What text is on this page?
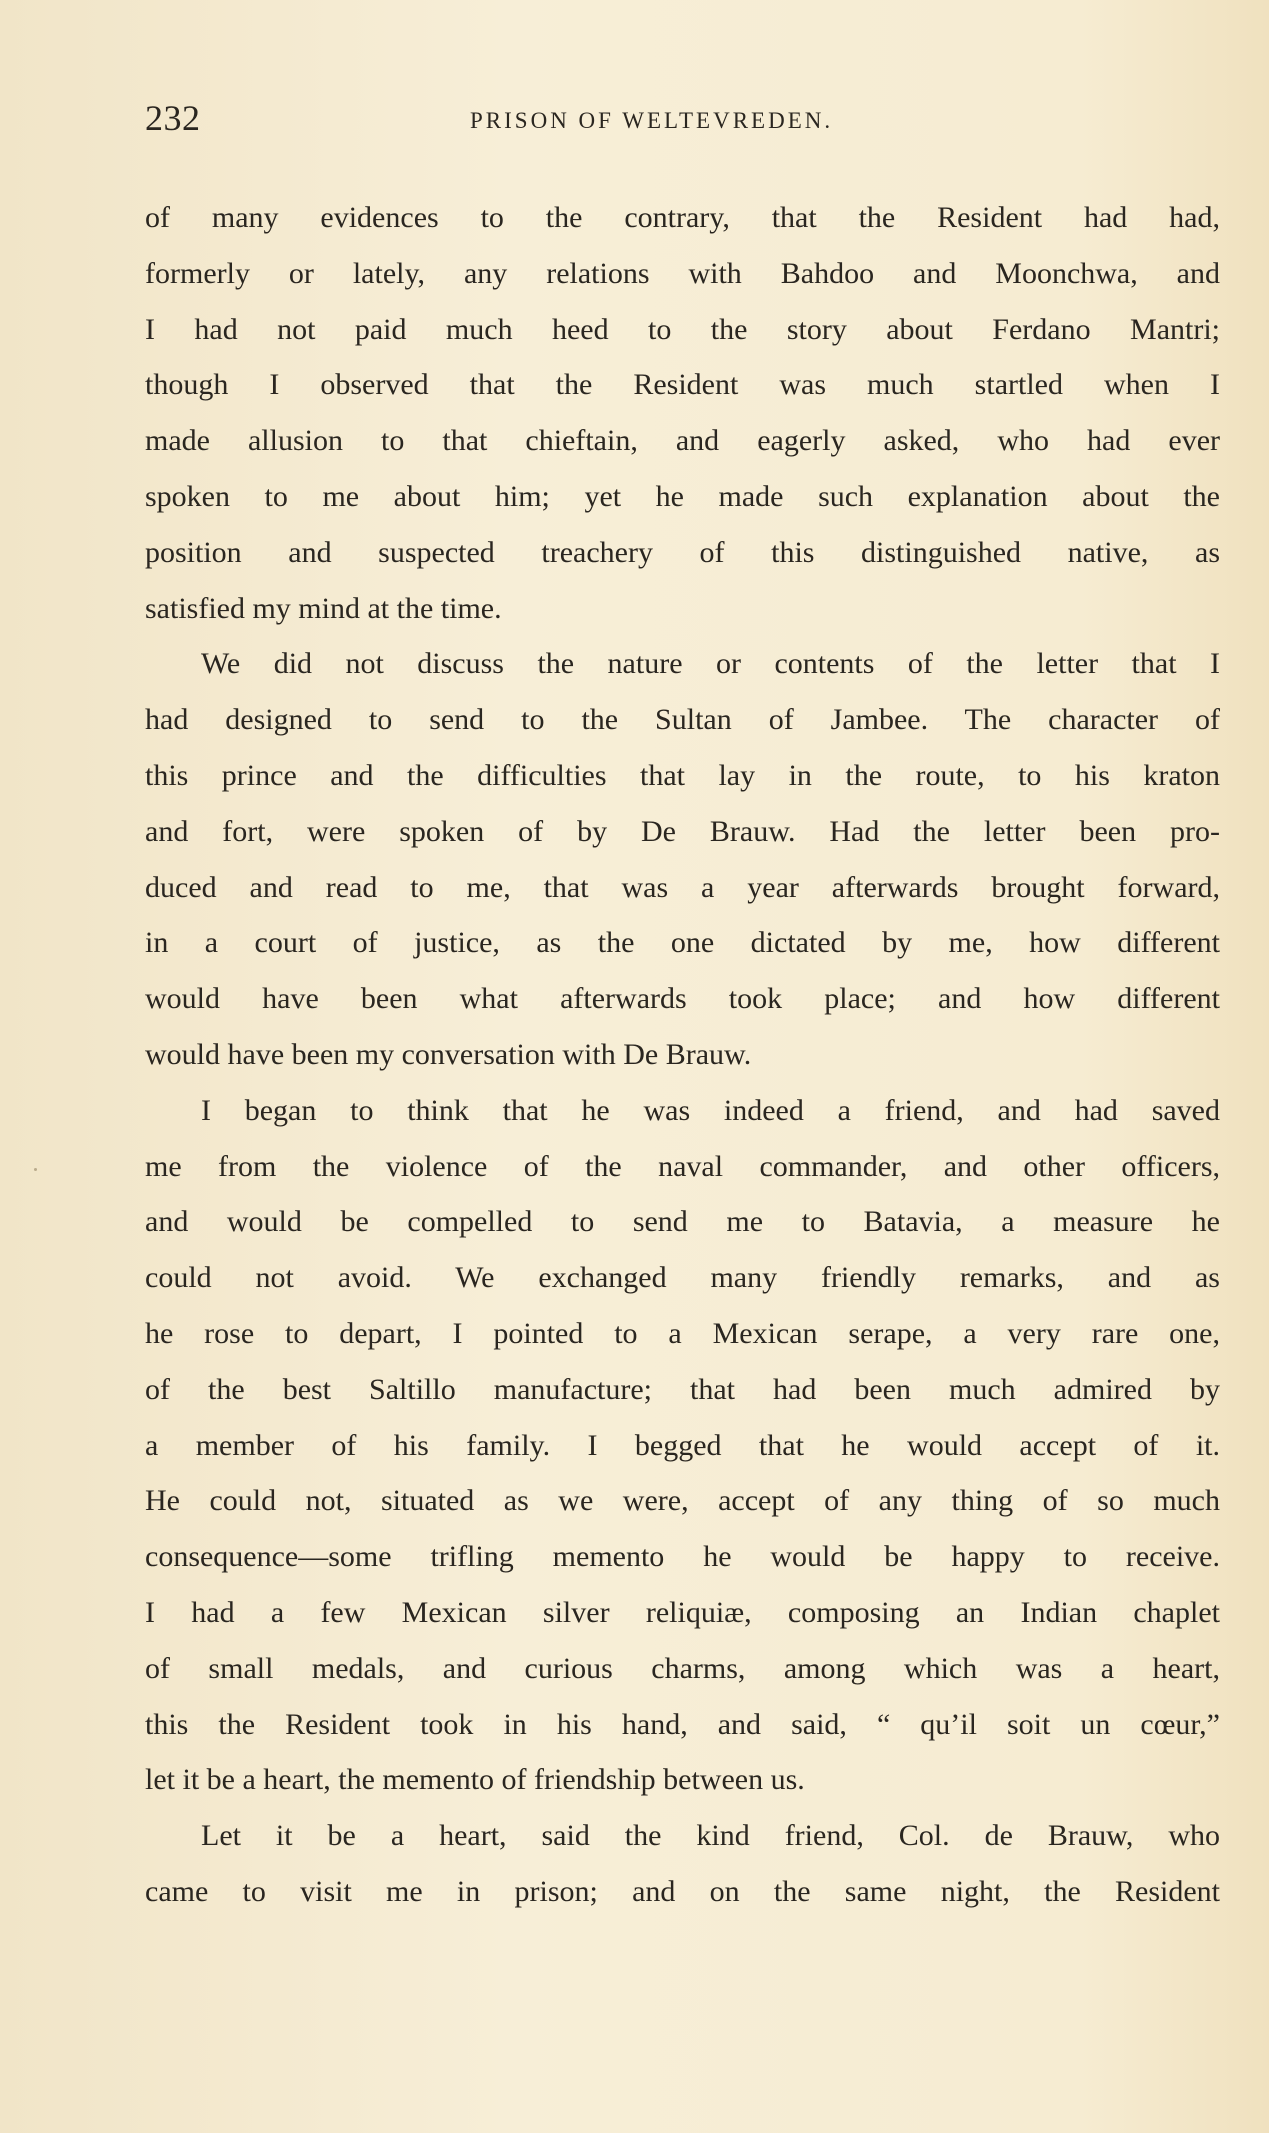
232	PRISON OF WELTEVREDEN.
of many evidences to the contrary, that the Resident had had,
formerly or lately, any relations with Bahdoo and Moonchwa, and
I had not paid much heed to the story about Ferdano Mantri;
though I observed that the Resident was much startled when I
made allusion to that chieftain, and eagerly asked, who had ever
spoken to me about him; yet he made such explanation about the
position and suspected treachery of this distinguished native, as
satisfied my mind at the time.
We did not discuss the nature or contents of the letter that I
had designed to send to the Sultan of Jambee. The character of
this prince and the difficulties that lay in the route, to his kraton
and fort, were spoken of by De Brauw. Had the letter been pro-
duced and read to me, that was a year afterwards brought forward,
in a court of justice, as the one dictated by me, how different
would have been what afterwards took place; and how different
would have been my conversation with De Brauw.
I began to think that he was indeed a friend, and had saved
me from the violence of the naval commander, and other officers,
and would be compelled to send me to Batavia, a measure he
could not avoid. We exchanged many friendly remarks, and as
he rose to depart, I pointed to a Mexican serape, a very rare one,
of the best Saltillo manufacture; that had been much admired by
a member of his family. I begged that he would accept of it.
He could not, situated as we were, accept of any thing of so much
consequence—some trifling memento he would be happy to receive.
I had a few Mexican silver reliquiæ, composing an Indian chaplet
of small medals, and curious charms, among which was a heart,
this the Resident took in his hand, and said, “ qu’il soit un cœur,”
let it be a heart, the memento of friendship between us.
Let it be a heart, said the kind friend, Col. de Brauw, who
came to visit me in prison; and on the same night, the Resident
